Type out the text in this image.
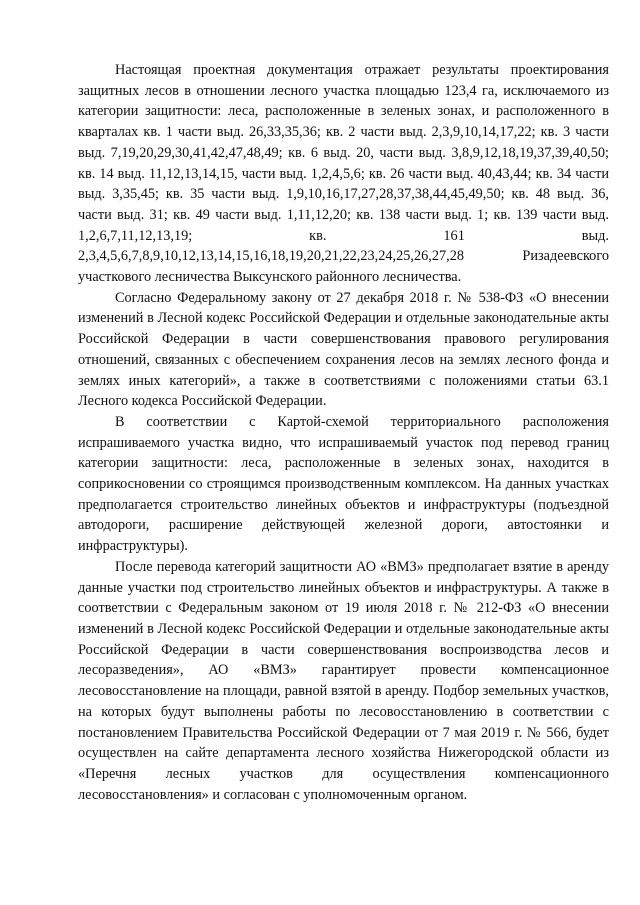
Настоящая проектная документация отражает результаты проектирования защитных лесов в отношении лесного участка площадью 123,4 га, исключаемого из категории защитности: леса, расположенные в зеленых зонах, и расположенного в кварталах кв. 1 части выд. 26,33,35,36; кв. 2 части выд. 2,3,9,10,14,17,22; кв. 3 части выд. 7,19,20,29,30,41,42,47,48,49; кв. 6 выд. 20, части выд. 3,8,9,12,18,19,37,39,40,50; кв. 14 выд. 11,12,13,14,15, части выд. 1,2,4,5,6; кв. 26 части выд. 40,43,44; кв. 34 части выд. 3,35,45; кв. 35 части выд. 1,9,10,16,17,27,28,37,38,44,45,49,50; кв. 48 выд. 36, части выд. 31; кв. 49 части выд. 1,11,12,20; кв. 138 части выд. 1; кв. 139 части выд. 1,2,6,7,11,12,13,19; кв. 161 выд. 2,3,4,5,6,7,8,9,10,12,13,14,15,16,18,19,20,21,22,23,24,25,26,27,28 Ризадеевского участкового лесничества Выксунского районного лесничества.

Согласно Федеральному закону от 27 декабря 2018 г. № 538-ФЗ «О внесении изменений в Лесной кодекс Российской Федерации и отдельные законодательные акты Российской Федерации в части совершенствования правового регулирования отношений, связанных с обеспечением сохранения лесов на землях лесного фонда и землях иных категорий», а также в соответствиями с положениями статьи 63.1 Лесного кодекса Российской Федерации.

В соответствии с Картой-схемой территориального расположения испрашиваемого участка видно, что испрашиваемый участок под перевод границ категории защитности: леса, расположенные в зеленых зонах, находится в соприкосновении со строящимся производственным комплексом. На данных участках предполагается строительство линейных объектов и инфраструктуры (подъездной автодороги, расширение действующей железной дороги, автостоянки и инфраструктуры).

После перевода категорий защитности АО «ВМЗ» предполагает взятие в аренду данные участки под строительство линейных объектов и инфраструктуры. А также в соответствии с Федеральным законом от 19 июля 2018 г. № 212-ФЗ «О внесении изменений в Лесной кодекс Российской Федерации и отдельные законодательные акты Российской Федерации в части совершенствования воспроизводства лесов и лесоразведения», АО «ВМЗ» гарантирует провести компенсационное лесовосстановление на площади, равной взятой в аренду. Подбор земельных участков, на которых будут выполнены работы по лесовосстановлению в соответствии с постановлением Правительства Российской Федерации от 7 мая 2019 г. № 566, будет осуществлен на сайте департамента лесного хозяйства Нижегородской области из «Перечня лесных участков для осуществления компенсационного лесовосстановления» и согласован с уполномоченным органом.
